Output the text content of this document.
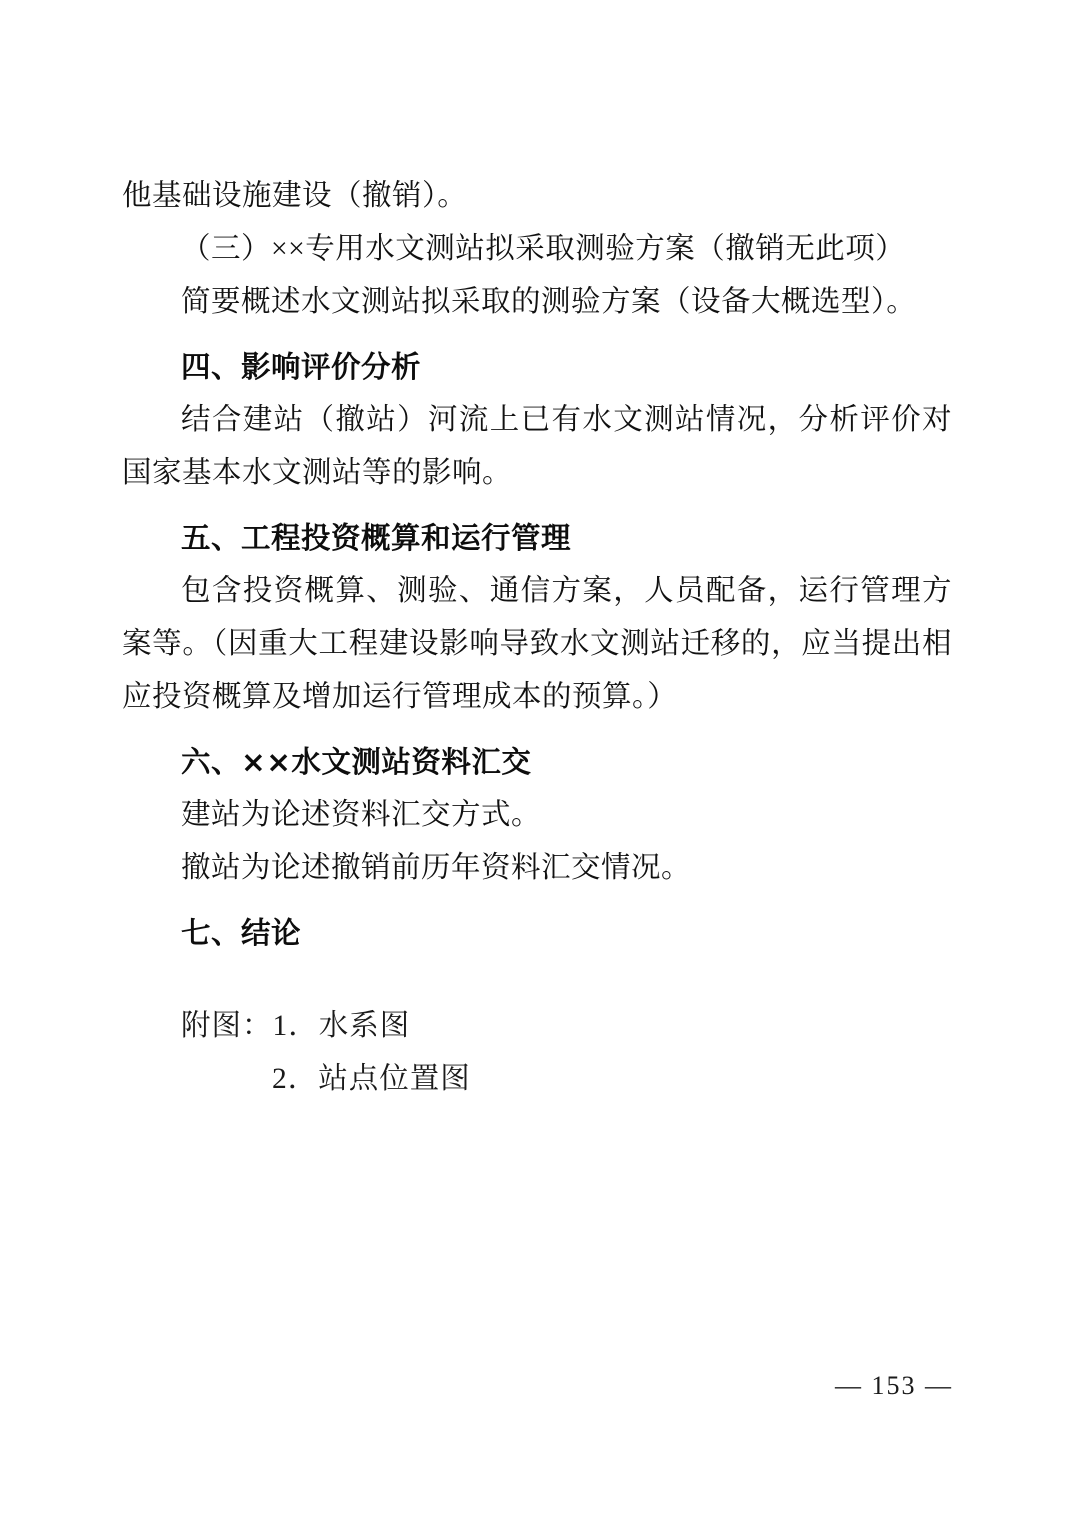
他基础设施建设（撤销）。

（三）××专用水文测站拟采取测验方案（撤销无此项）

简要概述水文测站拟采取的测验方案（设备大概选型）。

四、影响评价分析

结合建站（撤站）河流上已有水文测站情况，分析评价对国家基本水文测站等的影响。

五、工程投资概算和运行管理

包含投资概算、测验、通信方案，人员配备，运行管理方案等。（因重大工程建设影响导致水文测站迁移的，应当提出相应投资概算及增加运行管理成本的预算。）

六、××水文测站资料汇交

建站为论述资料汇交方式。

撤站为论述撤销前历年资料汇交情况。

七、结论

附图：1．水系图

2．站点位置图

— 153 —
